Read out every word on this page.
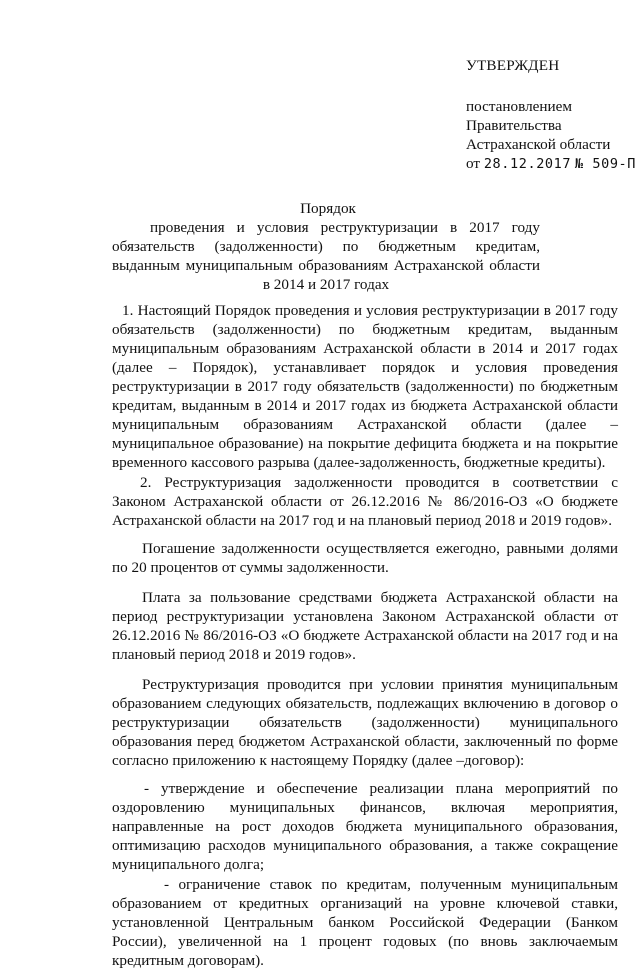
УТВЕРЖДЕН
постановлением
Правительства
Астраханской области
от 28.12.2017 № 509-П
Порядок
проведения и условия реструктуризации в 2017 году обязательств (задолженности) по бюджетным кредитам, выданным муниципальным образованиям Астраханской области в 2014 и 2017 годах

1. Настоящий Порядок проведения и условия реструктуризации в 2017 году обязательств (задолженности) по бюджетным кредитам, выданным муниципальным образованиям Астраханской области в 2014 и 2017 годах (далее – Порядок), устанавливает порядок и условия проведения реструктуризации в 2017 году обязательств (задолженности) по бюджетным кредитам, выданным в 2014 и 2017 годах из бюджета Астраханской области муниципальным образованиям Астраханской области (далее – муниципальное образование) на покрытие дефицита бюджета и на покрытие временного кассового разрыва (далее-задолженность, бюджетные кредиты).

2. Реструктуризация задолженности проводится в соответствии с Законом Астраханской области от 26.12.2016 № 86/2016-ОЗ «О бюджете Астраханской области на 2017 год и на плановый период 2018 и 2019 годов».

Погашение задолженности осуществляется ежегодно, равными долями по 20 процентов от суммы задолженности.

Плата за пользование средствами бюджета Астраханской области на период реструктуризации установлена Законом Астраханской области от 26.12.2016 № 86/2016-ОЗ «О бюджете Астраханской области на 2017 год и на плановый период 2018 и 2019 годов».

Реструктуризация проводится при условии принятия муниципальным образованием следующих обязательств, подлежащих включению в договор о реструктуризации обязательств (задолженности) муниципального образования перед бюджетом Астраханской области, заключенный по форме согласно приложению к настоящему Порядку (далее –договор):

- утверждение и обеспечение реализации плана мероприятий по оздоровлению муниципальных финансов, включая мероприятия, направленные на рост доходов бюджета муниципального образования, оптимизацию расходов муниципального образования, а также сокращение муниципального долга;

- ограничение ставок по кредитам, полученным муниципальным образованием от кредитных организаций на уровне ключевой ставки, установленной Центральным банком Российской Федерации (Банком России), увеличенной на 1 процент годовых (по вновь заключаемым кредитным договорам).
